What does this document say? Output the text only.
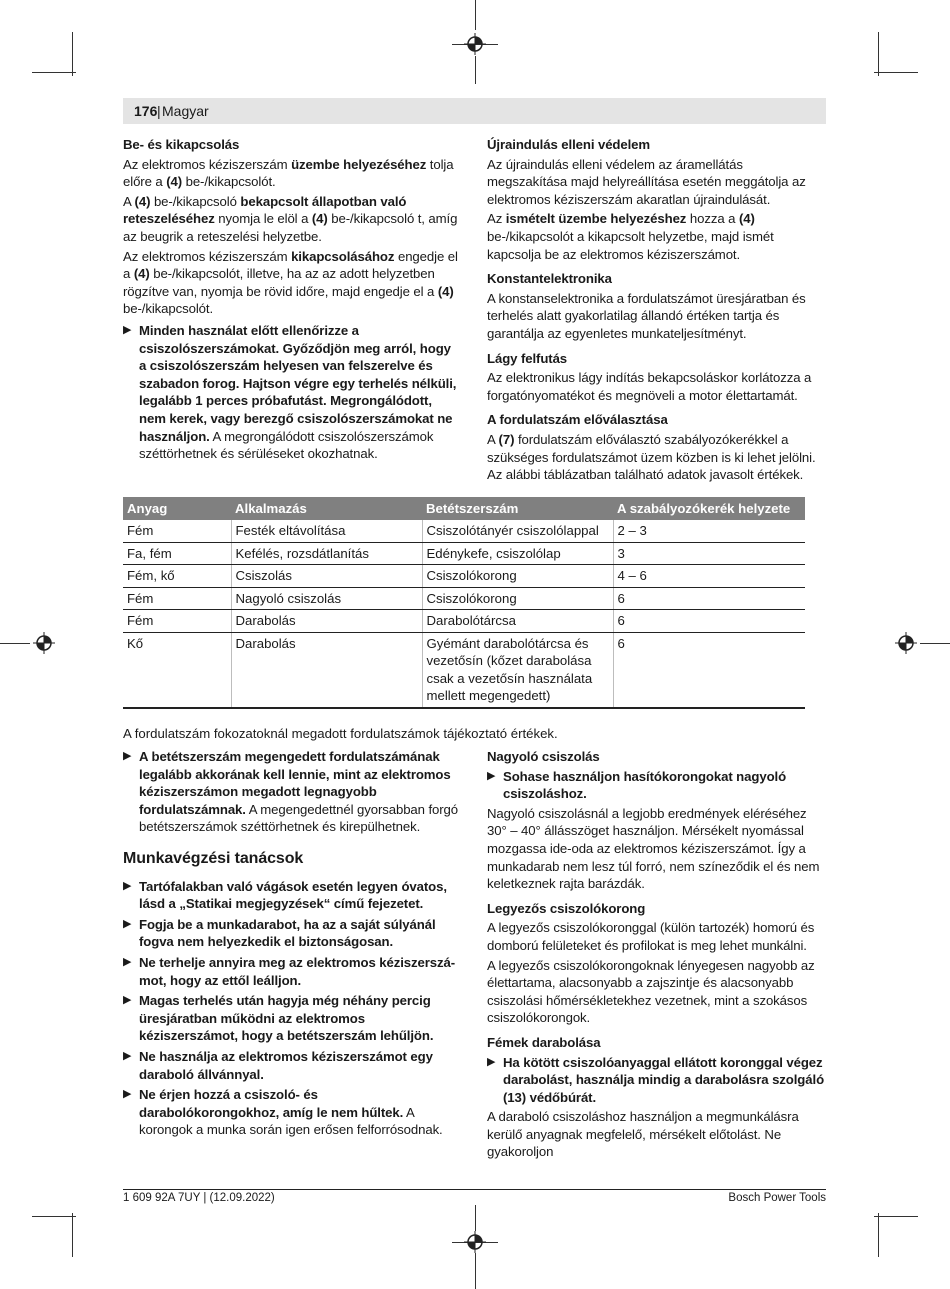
176 | Magyar
Be- és kikapcsolás

Az elektromos kéziszerszám üzembe helyezéséhez tolja előre a (4) be-/kikapcsolót.

A (4) be-/kikapcsoló bekapcsolt állapotban való reteszeléséhez nyomja le elöl a (4) be-/kikapcsoló t, amíg az beugrik a reteszelési helyzetbe.

Az elektromos kéziszerszám kikapcsolásához engedje el a (4) be-/kikapcsolót, illetve, ha az az adott helyzetben rögzítve van, nyomja be rövid időre, majd engedje el a (4) be-/kikapcsolót.

▶ Minden használat előtt ellenőrizze a csiszolószerszámokat. Győződjön meg arról, hogy a csiszolószerszám helyesen van felszerelve és szabadon forog. Hajtson végre egy terhelés nélküli, legalább 1 perces próbafutást. Megrongálódott, nem kerek, vagy berezgő csiszolószerszámokat ne használjon. A megrongálódott csiszolószerszámok széttörhetnek és sérüléseket okozhatnak.
Újraindulás elleni védelem

Az újraindulás elleni védelem az áramellátás megszakítása majd helyreállítása esetén meggátolja az elektromos kéziszerszám akaratlan újraindulását.

Az ismételt üzembe helyezéshez hozza a (4) be-/kikapcsolót a kikapcsolt helyzetbe, majd ismét kapcsolja be az elektromos kéziszerszámot.

Konstantelektronika

A konstanselektronika a fordulatszámot üresjáratban és terhelés alatt gyakorlatilag állandó értéken tartja és garantálja az egyenletes munkateljesítményt.

Lágy felfutás

Az elektronikus lágy indítás bekapcsoláskor korlátozza a forgatónyomatékot és megnöveli a motor élettartamát.

A fordulatszám előválasztása

A (7) fordulatszám előválasztó szabályozókerékkel a szükséges fordulatszámot üzem közben is ki lehet jelölni. Az alábbi táblázatban található adatok javasolt értékek.

Anyag	Alkalmazás	Betétszerszám	A szabályozókerék helyzete
Fém	Festék eltávolítása	Csiszolótányér csiszolólappal	2 – 3
Fa, fém	Kefélés, rozsdátlanítás	Edénykefe, csiszolólap	3
Fém, kő	Csiszolás	Csiszolókorong	4 – 6
Fém	Nagyoló csiszolás	Csiszolókorong	6
Fém	Darabolás	Darabolótárcsa	6
Kő	Darabolás	Gyémánt darabolótárcsa és vezetősín (kőzet darabolása csak a vezetősín használata mellett megengedett)	6
A fordulatszám fokozatoknál megadott fordulatszámok tájékoztató értékek.
▶ A betétszerszám megengedett fordulatszámának legalább akkorának kell lennie, mint az elektromos kéziszerszámon megadott legnagyobb fordulatszámnak. A megengedettnél gyorsabban forgó betétszerszámok széttörhetnek és kirepülhetnek.
Munkavégzési tanácsok
▶ Tartófalakban való vágások esetén legyen óvatos, lásd a „Statikai megjegyzések“ című fejezetet.
▶ Fogja be a munkadarabot, ha az a saját súlyánál fogva nem helyezkedik el biztonságosan.
▶ Ne terhelje annyira meg az elektromos kéziszerszámot, hogy az ettől leálljon.
▶ Magas terhelés után hagyja még néhány percig üresjáratban működni az elektromos kéziszerszámot, hogy a betétszerszám lehűljön.
▶ Ne használja az elektromos kéziszerszámot egy daraboló állvánnyal.
▶ Ne érjen hozzá a csiszoló- és darabolókorongokhoz, amíg le nem hűltek. A korongok a munka során igen erősen felforrósodnak.
Nagyoló csiszolás
▶ Sohase használjon hasítókorongokat nagyoló csiszoláshoz.

Nagyoló csiszolásnál a legjobb eredmények eléréséhez 30° – 40° állásszöget használjon. Mérsékelt nyomással mozgassa ide-oda az elektromos kéziszerszámot. Így a munkadarab nem lesz túl forró, nem színeződik el és nem keletkeznek rajta barázdák.

Legyezős csiszolókorong

A legyezős csiszolókoronggal (külön tartozék) homorú és domború felületeket és profilokat is meg lehet munkálni.

A legyezős csiszolókorongoknak lényegesen nagyobb az élettartama, alacsonyabb a zajszintje és alacsonyabb csiszolási hőmérsékletekhez vezetnek, mint a szokásos csiszolókorongok.

Fémek darabolása
▶ Ha kötött csiszolóanyaggal ellátott koronggal végez darabolást, használja mindig a darabolásra szolgáló (13) védőbúrát.

A daraboló csiszoláshoz használjon a megmunkálásra kerülő anyagnak megfelelő, mérsékelt előtolást. Ne gyakoroljon

1 609 92A 7UY | (12.09.2022)	Bosch Power Tools
